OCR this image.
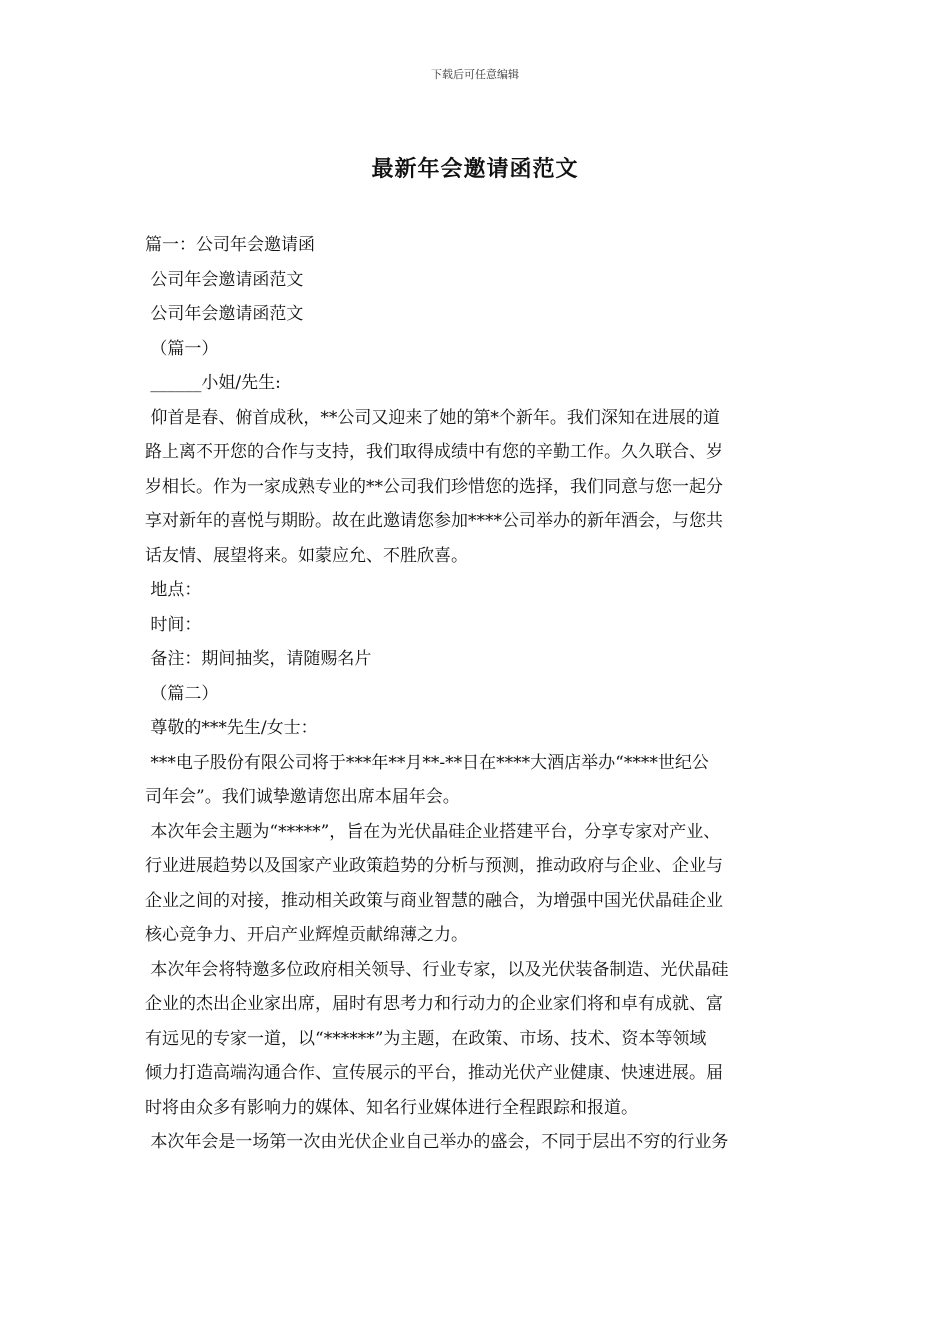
下载后可任意编辑
最新年会邀请函范文
篇一：公司年会邀请函
公司年会邀请函范文
公司年会邀请函范文
（篇一）
______小姐/先生:
仰首是春、俯首成秋，**公司又迎来了她的第*个新年。我们深知在进展的道
路上离不开您的合作与支持，我们取得成绩中有您的辛勤工作。久久联合、岁
岁相长。作为一家成熟专业的**公司我们珍惜您的选择，我们同意与您一起分
享对新年的喜悦与期盼。故在此邀请您参加****公司举办的新年酒会，与您共
话友情、展望将来。如蒙应允、不胜欣喜。
地点：
时间：
备注：期间抽奖，请随赐名片
（篇二）
尊敬的***先生/女士：
***电子股份有限公司将于***年**月**-**日在****大酒店举办“****世纪公
司年会”。我们诚挚邀请您出席本届年会。
本次年会主题为“*****”，旨在为光伏晶硅企业搭建平台，分享专家对产业、
行业进展趋势以及国家产业政策趋势的分析与预测，推动政府与企业、企业与
企业之间的对接，推动相关政策与商业智慧的融合，为增强中国光伏晶硅企业
核心竞争力、开启产业辉煌贡献绵薄之力。
本次年会将特邀多位政府相关领导、行业专家，以及光伏装备制造、光伏晶硅
企业的杰出企业家出席，届时有思考力和行动力的企业家们将和卓有成就、富
有远见的专家一道，以“******”为主题，在政策、市场、技术、资本等领域
倾力打造高端沟通合作、宣传展示的平台，推动光伏产业健康、快速进展。届
时将由众多有影响力的媒体、知名行业媒体进行全程跟踪和报道。
本次年会是一场第一次由光伏企业自己举办的盛会，不同于层出不穷的行业务
